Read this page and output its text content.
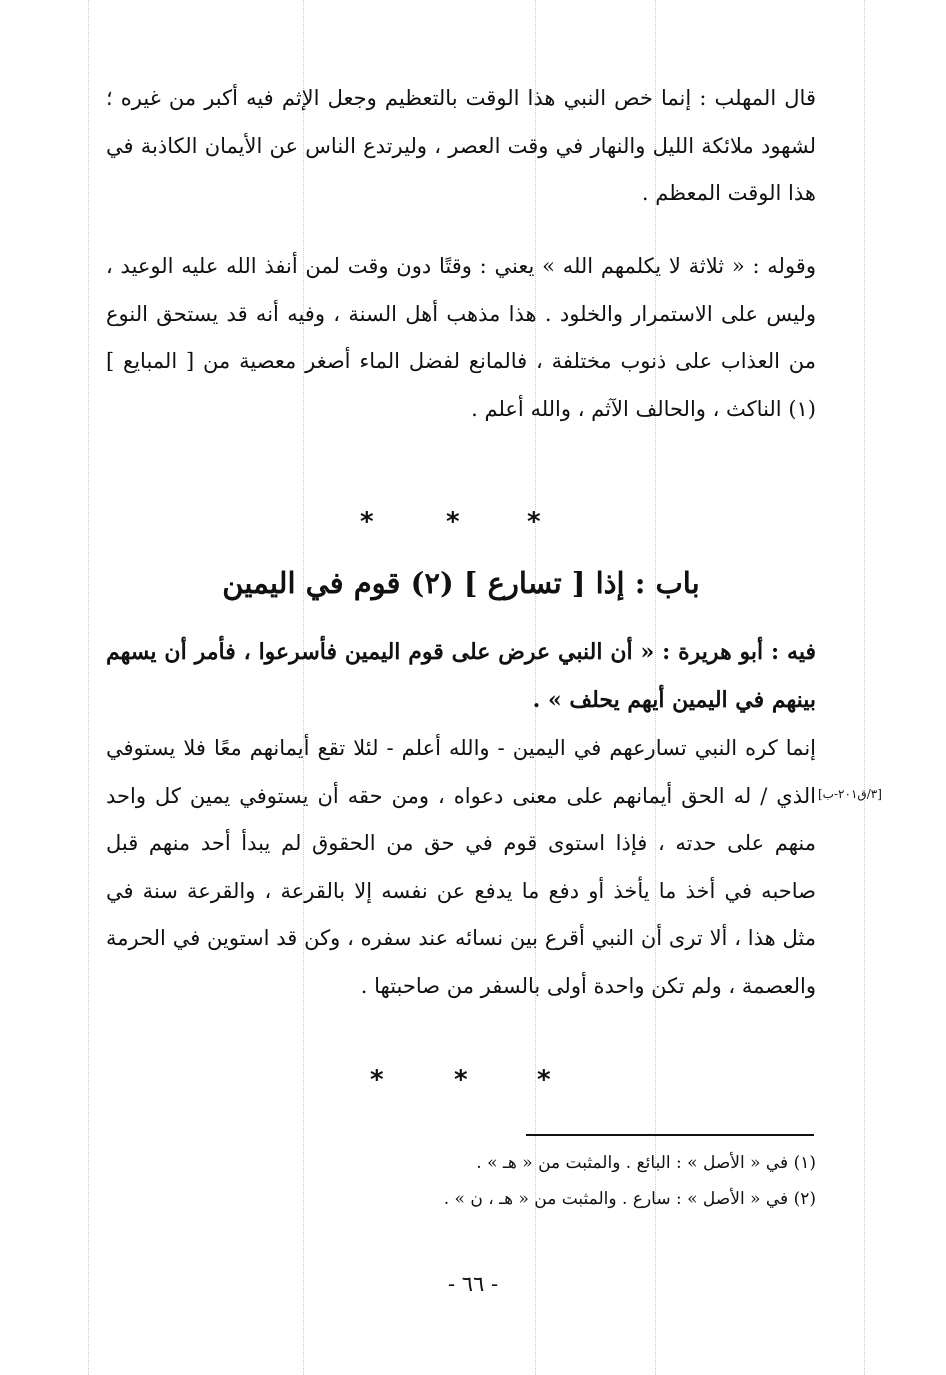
قال المهلب : إنما خص النبي هذا الوقت بالتعظيم وجعل الإثم فيه أكبر من غيره ؛ لشهود ملائكة الليل والنهار في وقت العصر ، وليرتدع الناس عن الأيمان الكاذبة في هذا الوقت المعظم .

وقوله : « ثلاثة لا يكلمهم الله » يعني : وقتًا دون وقت لمن أنفذ الله عليه الوعيد ، وليس على الاستمرار والخلود . هذا مذهب أهل السنة ، وفيه أنه قد يستحق النوع من العذاب على ذنوب مختلفة ، فالمانع لفضل الماء أصغر معصية من [ المبايع ] (١) الناكث ، والحالف الآثم ، والله أعلم .

*	*	*
باب : إذا [ تسارع ] (٢) قوم في اليمين
فيه : أبو هريرة : « أن النبي عرض على قوم اليمين فأسرعوا ، فأمر أن يسهم بينهم في اليمين أيهم يحلف » .

إنما كره النبي تسارعهم في اليمين - والله أعلم - لئلا تقع أيمانهم معًا فلا يستوفي الذي / له الحق أيمانهم على معنى دعواه ، ومن حقه أن يستوفي يمين كل واحد منهم على حدته ، فإذا استوى قوم في حق من الحقوق لم يبدأ أحد منهم قبل صاحبه في أخذ ما يأخذ أو دفع ما يدفع عن نفسه إلا بالقرعة ، والقرعة سنة في مثل هذا ، ألا ترى أن النبي أقرع بين نسائه عند سفره ، وكن قد استوين في الحرمة والعصمة ، ولم تكن واحدة أولى بالسفر من صاحبتها .

[٣/ق٢٠١-ب]
*	*	*
(١) في « الأصل » : البائع . والمثبت من « هـ » .
(٢) في « الأصل » : سارع . والمثبت من « هـ ، ن » .
- ٦٦ -
